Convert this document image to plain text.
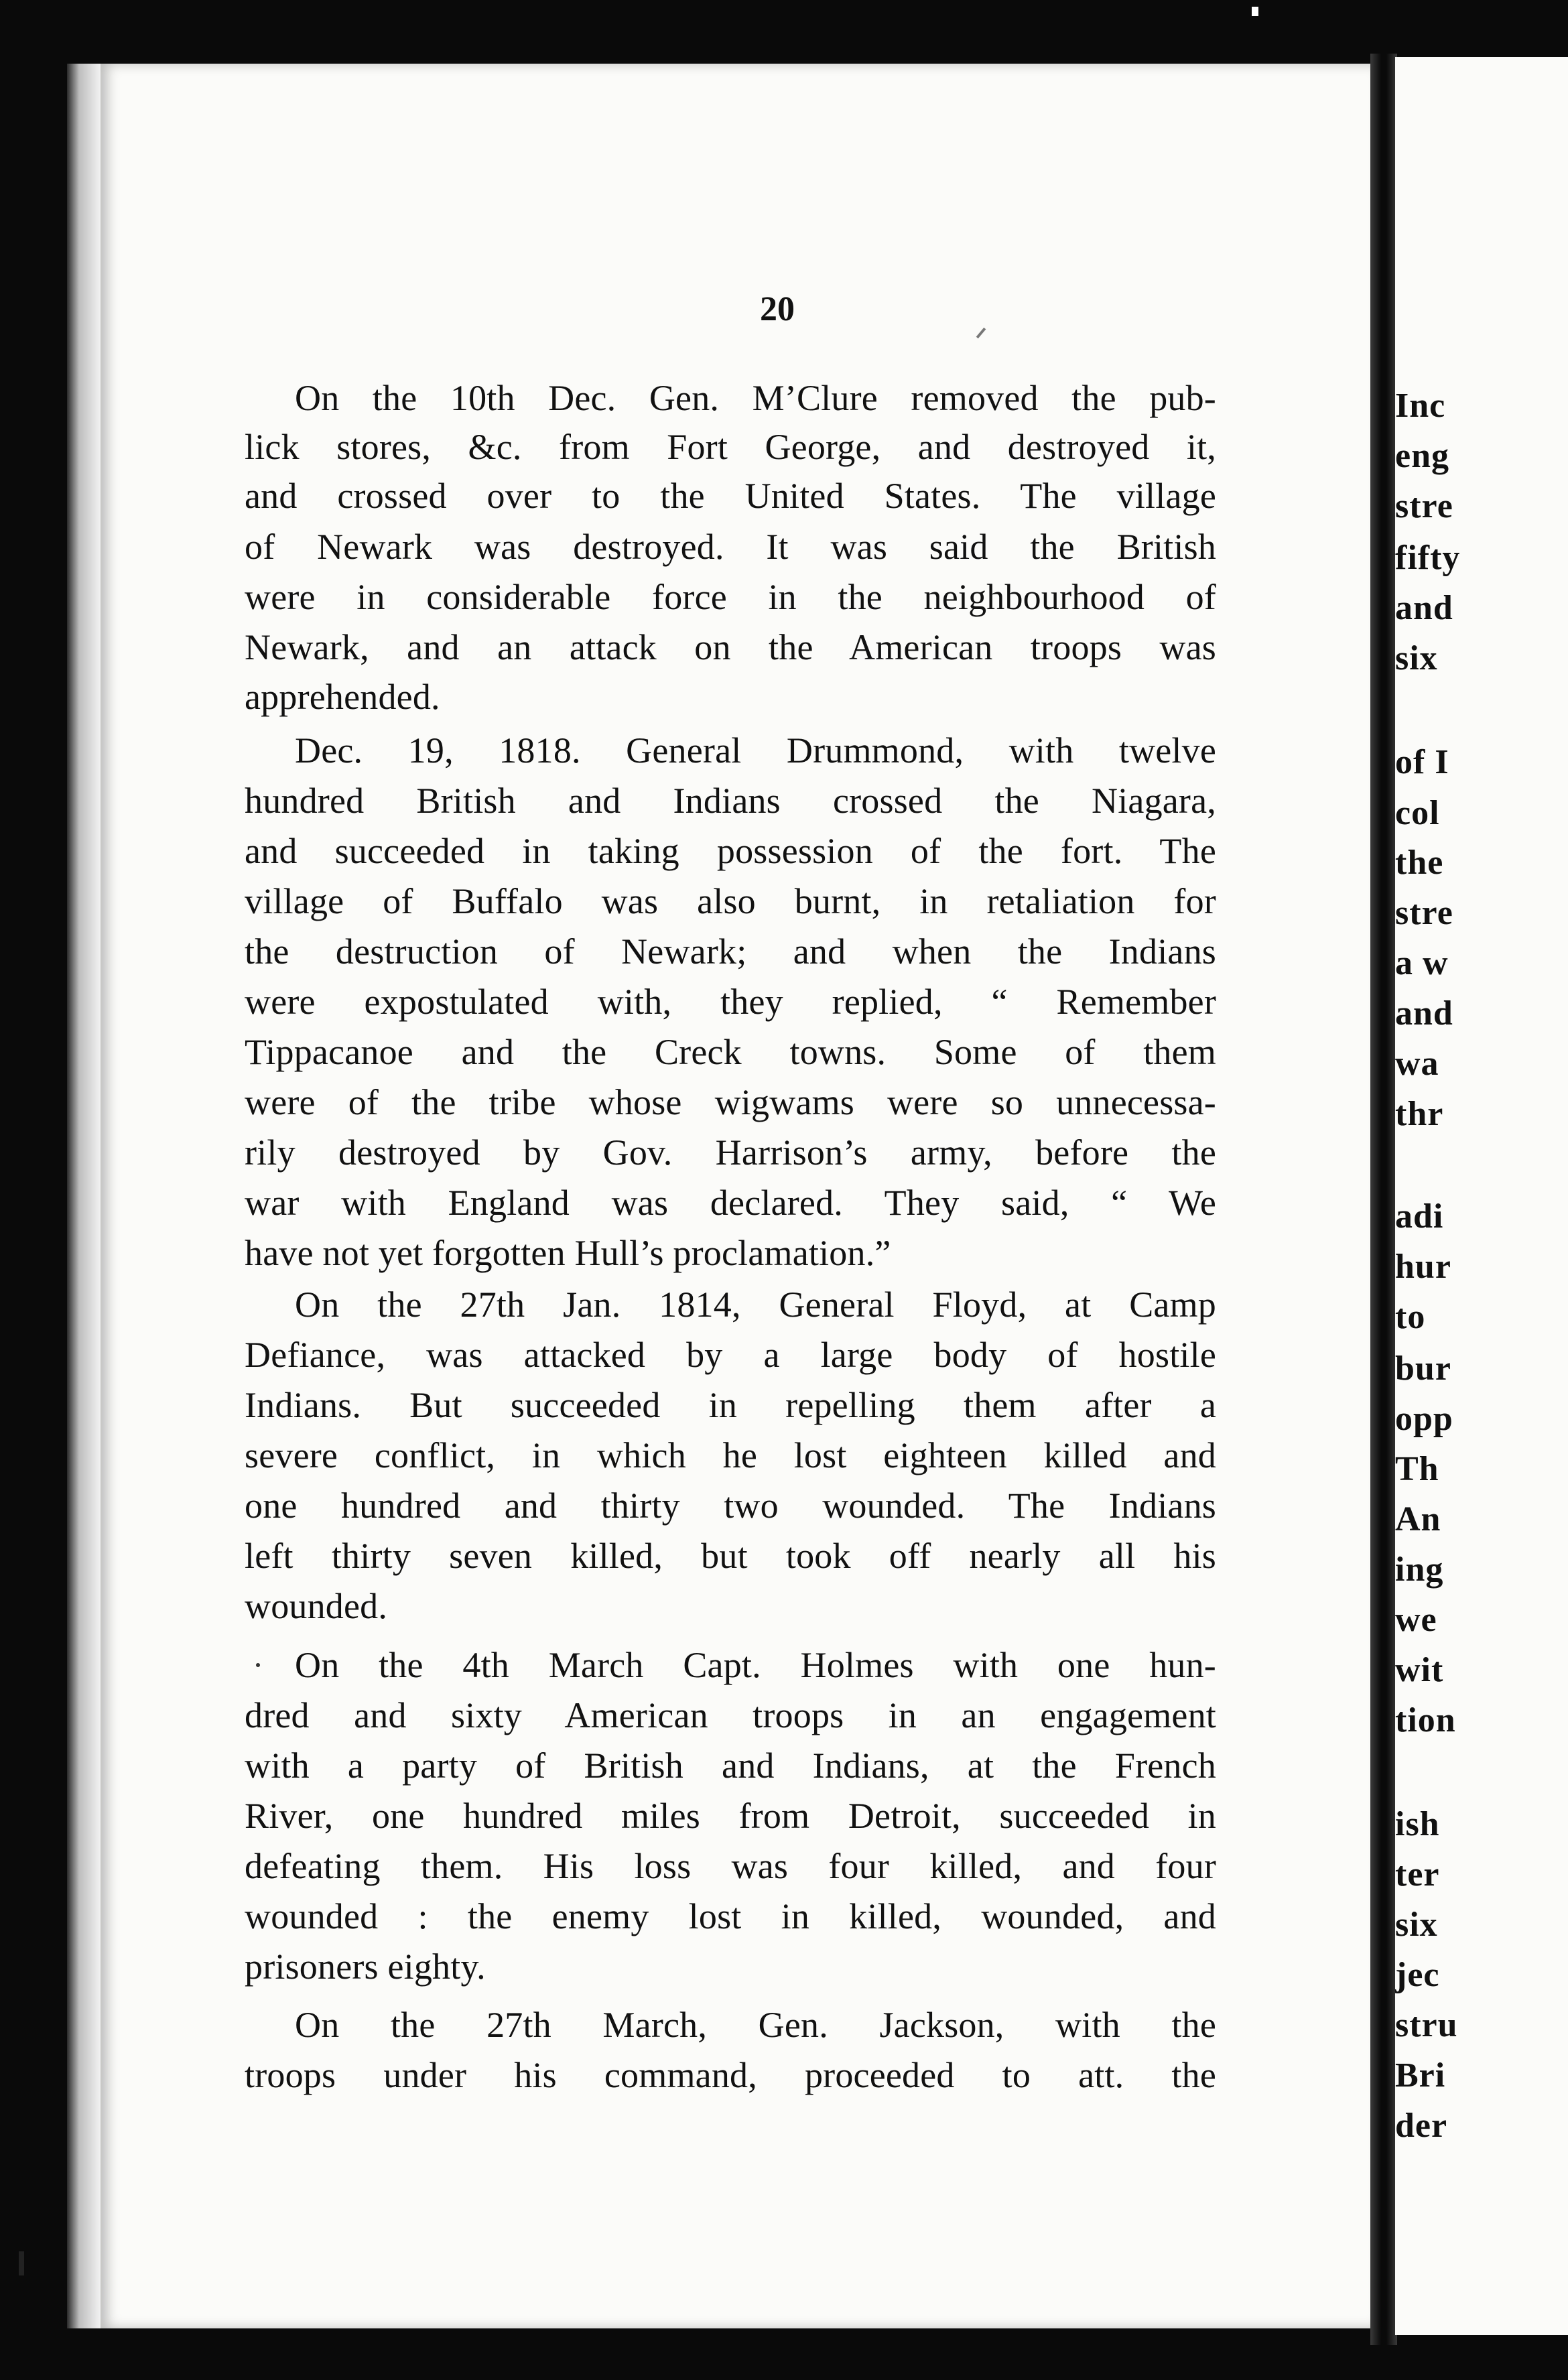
Inc
eng
stre
fifty
and
six
of I
col
the
stre
a w
and
wa
thr
adi
hur
to
bur
opp
Th
An
ing
we
wit
tion
ish
ter
six
jec
stru
Bri
der
20
On the 10th Dec. Gen. M’Clure removed the pub-
lick stores, &c. from Fort George, and destroyed it,
and crossed over to the United States. The village
of Newark was destroyed. It was said the British
were in considerable force in the neighbourhood of
Newark, and an attack on the American troops was
apprehended.
Dec. 19, 1818. General Drummond, with twelve
hundred British and Indians crossed the Niagara,
and succeeded in taking possession of the fort. The
village of Buffalo was also burnt, in retaliation for
the destruction of Newark; and when the Indians
were expostulated with, they replied, “ Remember
Tippacanoe and the Creck towns. Some of them
were of the tribe whose wigwams were so unnecessa-
rily destroyed by Gov. Harrison’s army, before the
war with England was declared. They said, “ We
have not yet forgotten Hull’s proclamation.”
On the 27th Jan. 1814, General Floyd, at Camp
Defiance, was attacked by a large body of hostile
Indians. But succeeded in repelling them after a
severe conflict, in which he lost eighteen killed and
one hundred and thirty two wounded. The Indians
left thirty seven killed, but took off nearly all his
wounded.
On the 4th March Capt. Holmes with one hun-
dred and sixty American troops in an engagement
with a party of British and Indians, at the French
River, one hundred miles from Detroit, succeeded in
defeating them. His loss was four killed, and four
wounded : the enemy lost in killed, wounded, and
prisoners eighty.
On the 27th March, Gen. Jackson, with the
troops under his command, proceeded to att. the
